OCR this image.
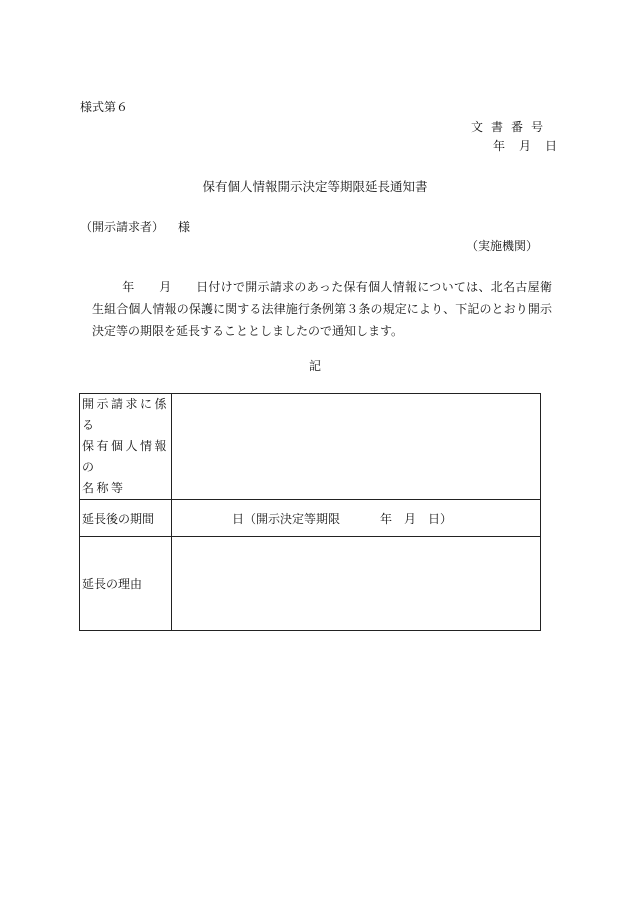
様式第６
文書番号
年 月 日
保有個人情報開示決定等期限延長通知書
（開示請求者） 様
（実施機関）
年　　 月　　 日付けで開示請求のあった保有個人情報については、北名古屋衛生組合個人情報の保護に関する法律施行条例第３条の規定により、下記のとおり開示決定等の期限を延長することとしましたので通知します。
記
開示請求に係る
保有個人情報の
名称等	

延長後の期間	日（開示決定等期限 年 月 日）

延長の理由	
